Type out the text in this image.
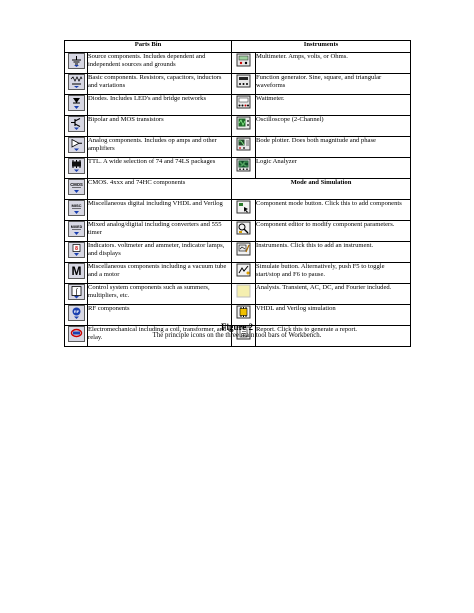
Parts Bin		Instruments	

	Source components. Includes dependent and independent sources and grounds		Multimeter. Amps, volts, or Ohms.

	Basic components. Resistors, capacitors, inductors and variations		Function generator. Sine, square, and triangular waveforms

	Diodes. Includes LED's and bridge networks		Wattmeter.

	Bipolar and MOS transistors		Oscilloscope (2-Channel)

	Analog components. Includes op amps and other amplifiers		Bode plotter. Does both magnitude and phase

	TTL. A wide selection of 74 and 74LS packages		Logic Analyzer

CMOS	CMOS. 4xxx and 74HC components	Mode and Simulation	

MISC	Miscellaneous digital including VHDL and Verilog		Component mode button. Click this to add components

MIXED	Mixed analog/digital including converters and 555 timer		Component editor to modify component parameters.

8	Indicators. voltmeter and ammeter, indicator lamps, and displays		Instruments. Click this to add an instrument.

M	Miscellaneous components including a vacuum tube and a motor		Simulate button. Alternatively, push F5 to toggle start/stop and F6 to pause.

∫	Control system components such as summers, multipliers, etc.		Analysis. Transient, AC, DC, and Fourier included.

RF	RF components		VHDL and Verilog simulation

	Electromechanical including a coil, transformer, and a relay.		Report. Click this to generate a report.
Figure 2
The principle icons on the three main tool bars of Workbench.
